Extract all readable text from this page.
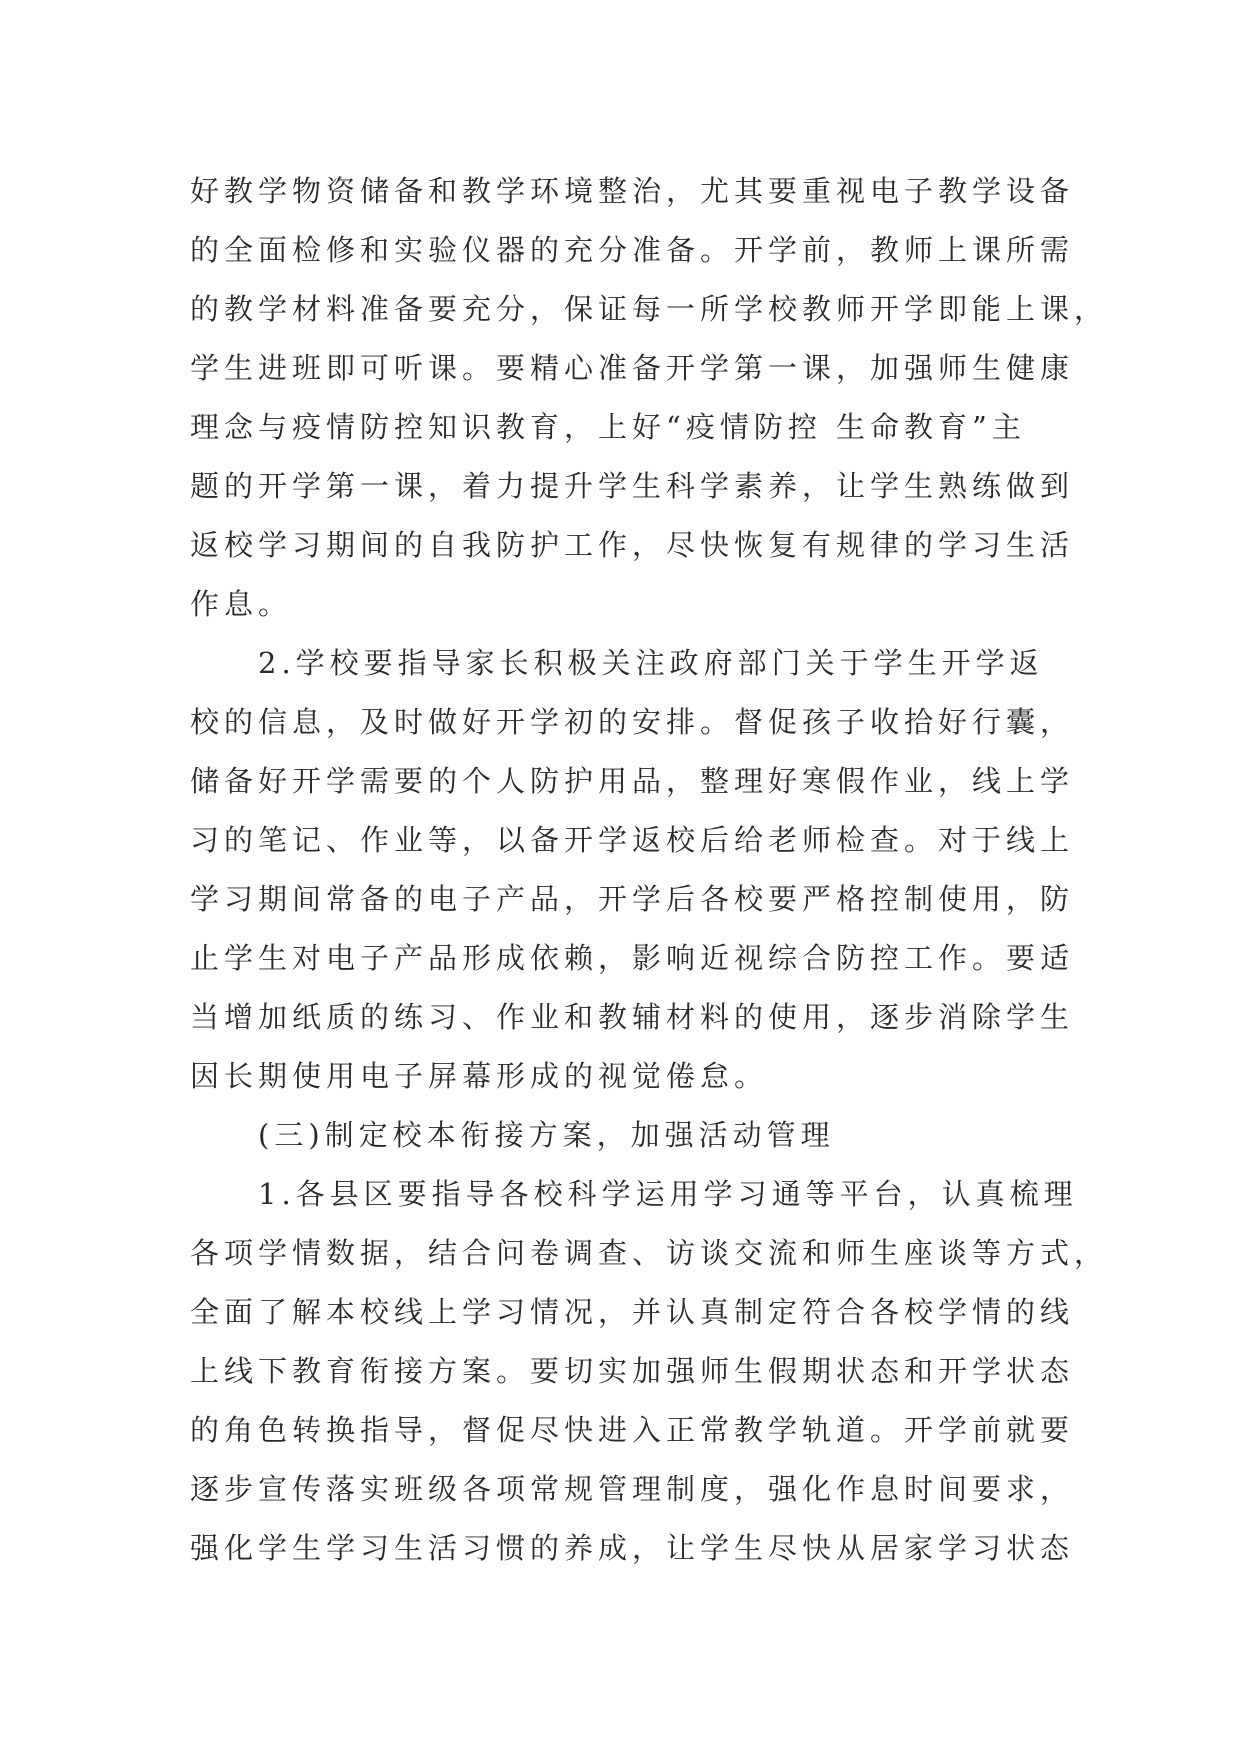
好教学物资储备和教学环境整治，尤其要重视电子教学设备
的全面检修和实验仪器的充分准备。开学前，教师上课所需
的教学材料准备要充分，保证每一所学校教师开学即能上课，
学生进班即可听课。要精心准备开学第一课，加强师生健康
理念与疫情防控知识教育，上好“疫情防控 生命教育”主
题的开学第一课，着力提升学生科学素养，让学生熟练做到
返校学习期间的自我防护工作，尽快恢复有规律的学习生活
作息。
2.学校要指导家长积极关注政府部门关于学生开学返
校的信息，及时做好开学初的安排。督促孩子收拾好行囊，
储备好开学需要的个人防护用品，整理好寒假作业，线上学
习的笔记、作业等，以备开学返校后给老师检查。对于线上
学习期间常备的电子产品，开学后各校要严格控制使用，防
止学生对电子产品形成依赖，影响近视综合防控工作。要适
当增加纸质的练习、作业和教辅材料的使用，逐步消除学生
因长期使用电子屏幕形成的视觉倦怠。
(三)制定校本衔接方案，加强活动管理
1.各县区要指导各校科学运用学习通等平台，认真梳理
各项学情数据，结合问卷调查、访谈交流和师生座谈等方式，
全面了解本校线上学习情况，并认真制定符合各校学情的线
上线下教育衔接方案。要切实加强师生假期状态和开学状态
的角色转换指导，督促尽快进入正常教学轨道。开学前就要
逐步宣传落实班级各项常规管理制度，强化作息时间要求，
强化学生学习生活习惯的养成，让学生尽快从居家学习状态
